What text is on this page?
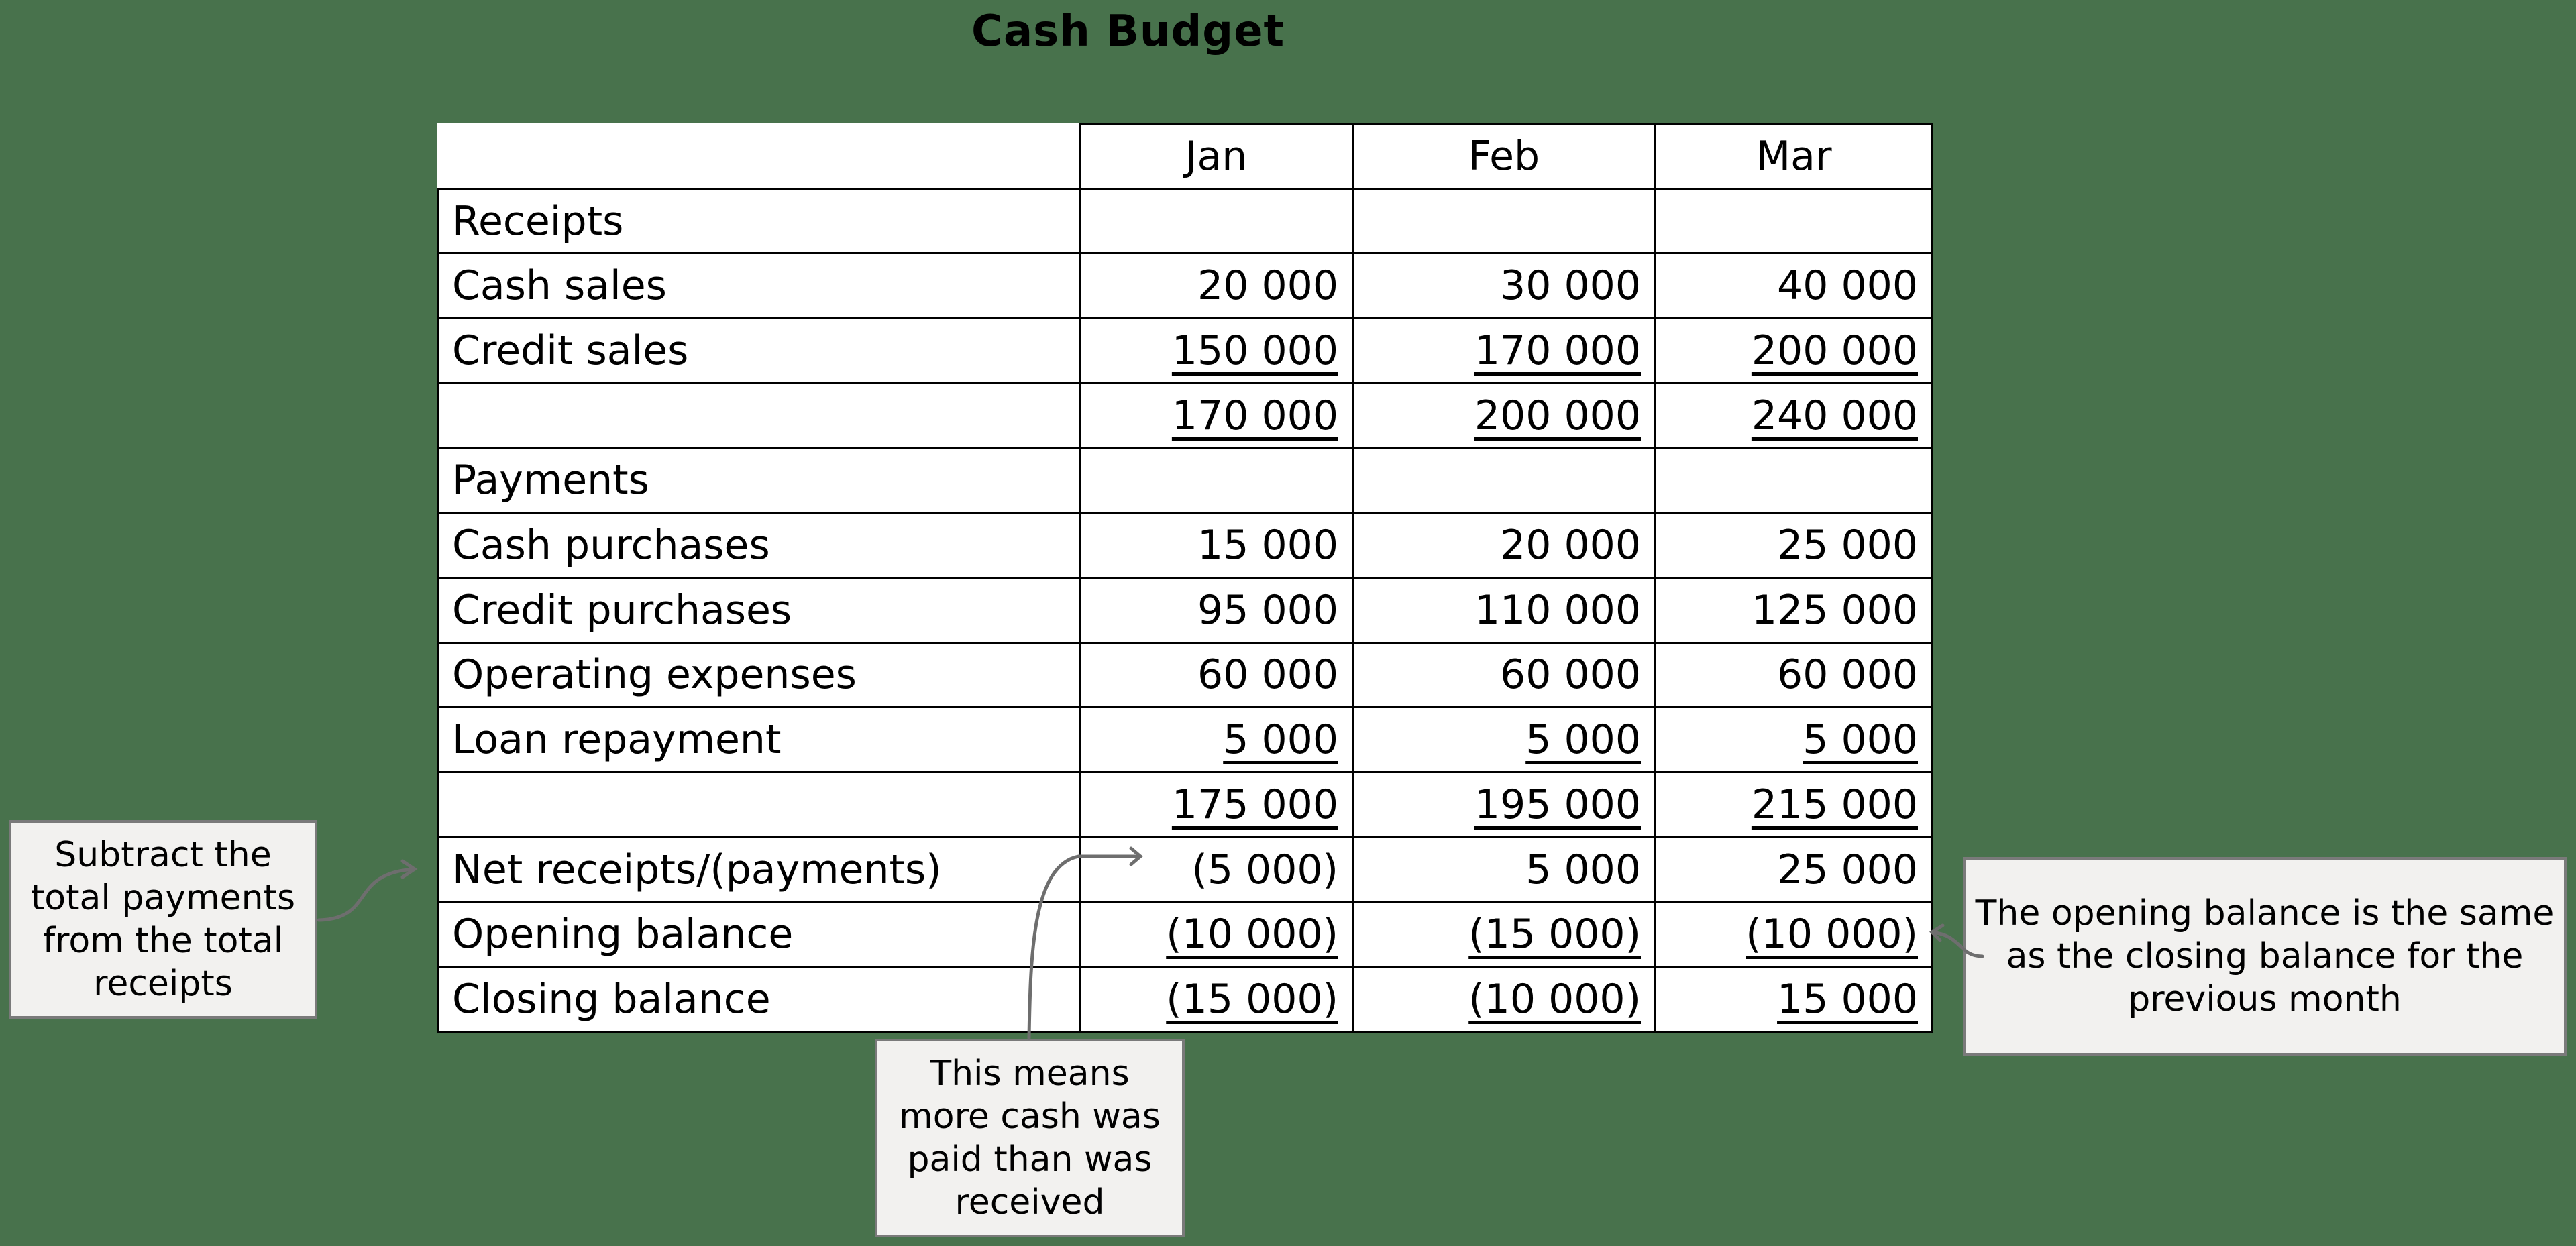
Cash Budget
	Jan	Feb	Mar
Receipts			
Cash sales	20 000	30 000	40 000
Credit sales	150 000	170 000	200 000
	170 000	200 000	240 000
Payments			
Cash purchases	15 000	20 000	25 000
Credit purchases	95 000	110 000	125 000
Operating expenses	60 000	60 000	60 000
Loan repayment	5 000	5 000	5 000
	175 000	195 000	215 000
Net receipts/(payments)	(5 000)	5 000	25 000
Opening balance	(10 000)	(15 000)	(10 000)
Closing balance	(15 000)	(10 000)	15 000
Subtract the
total payments
from the total
receipts
This means
more cash was
paid than was
received
The opening balance is the same
as the closing balance for the
previous month
